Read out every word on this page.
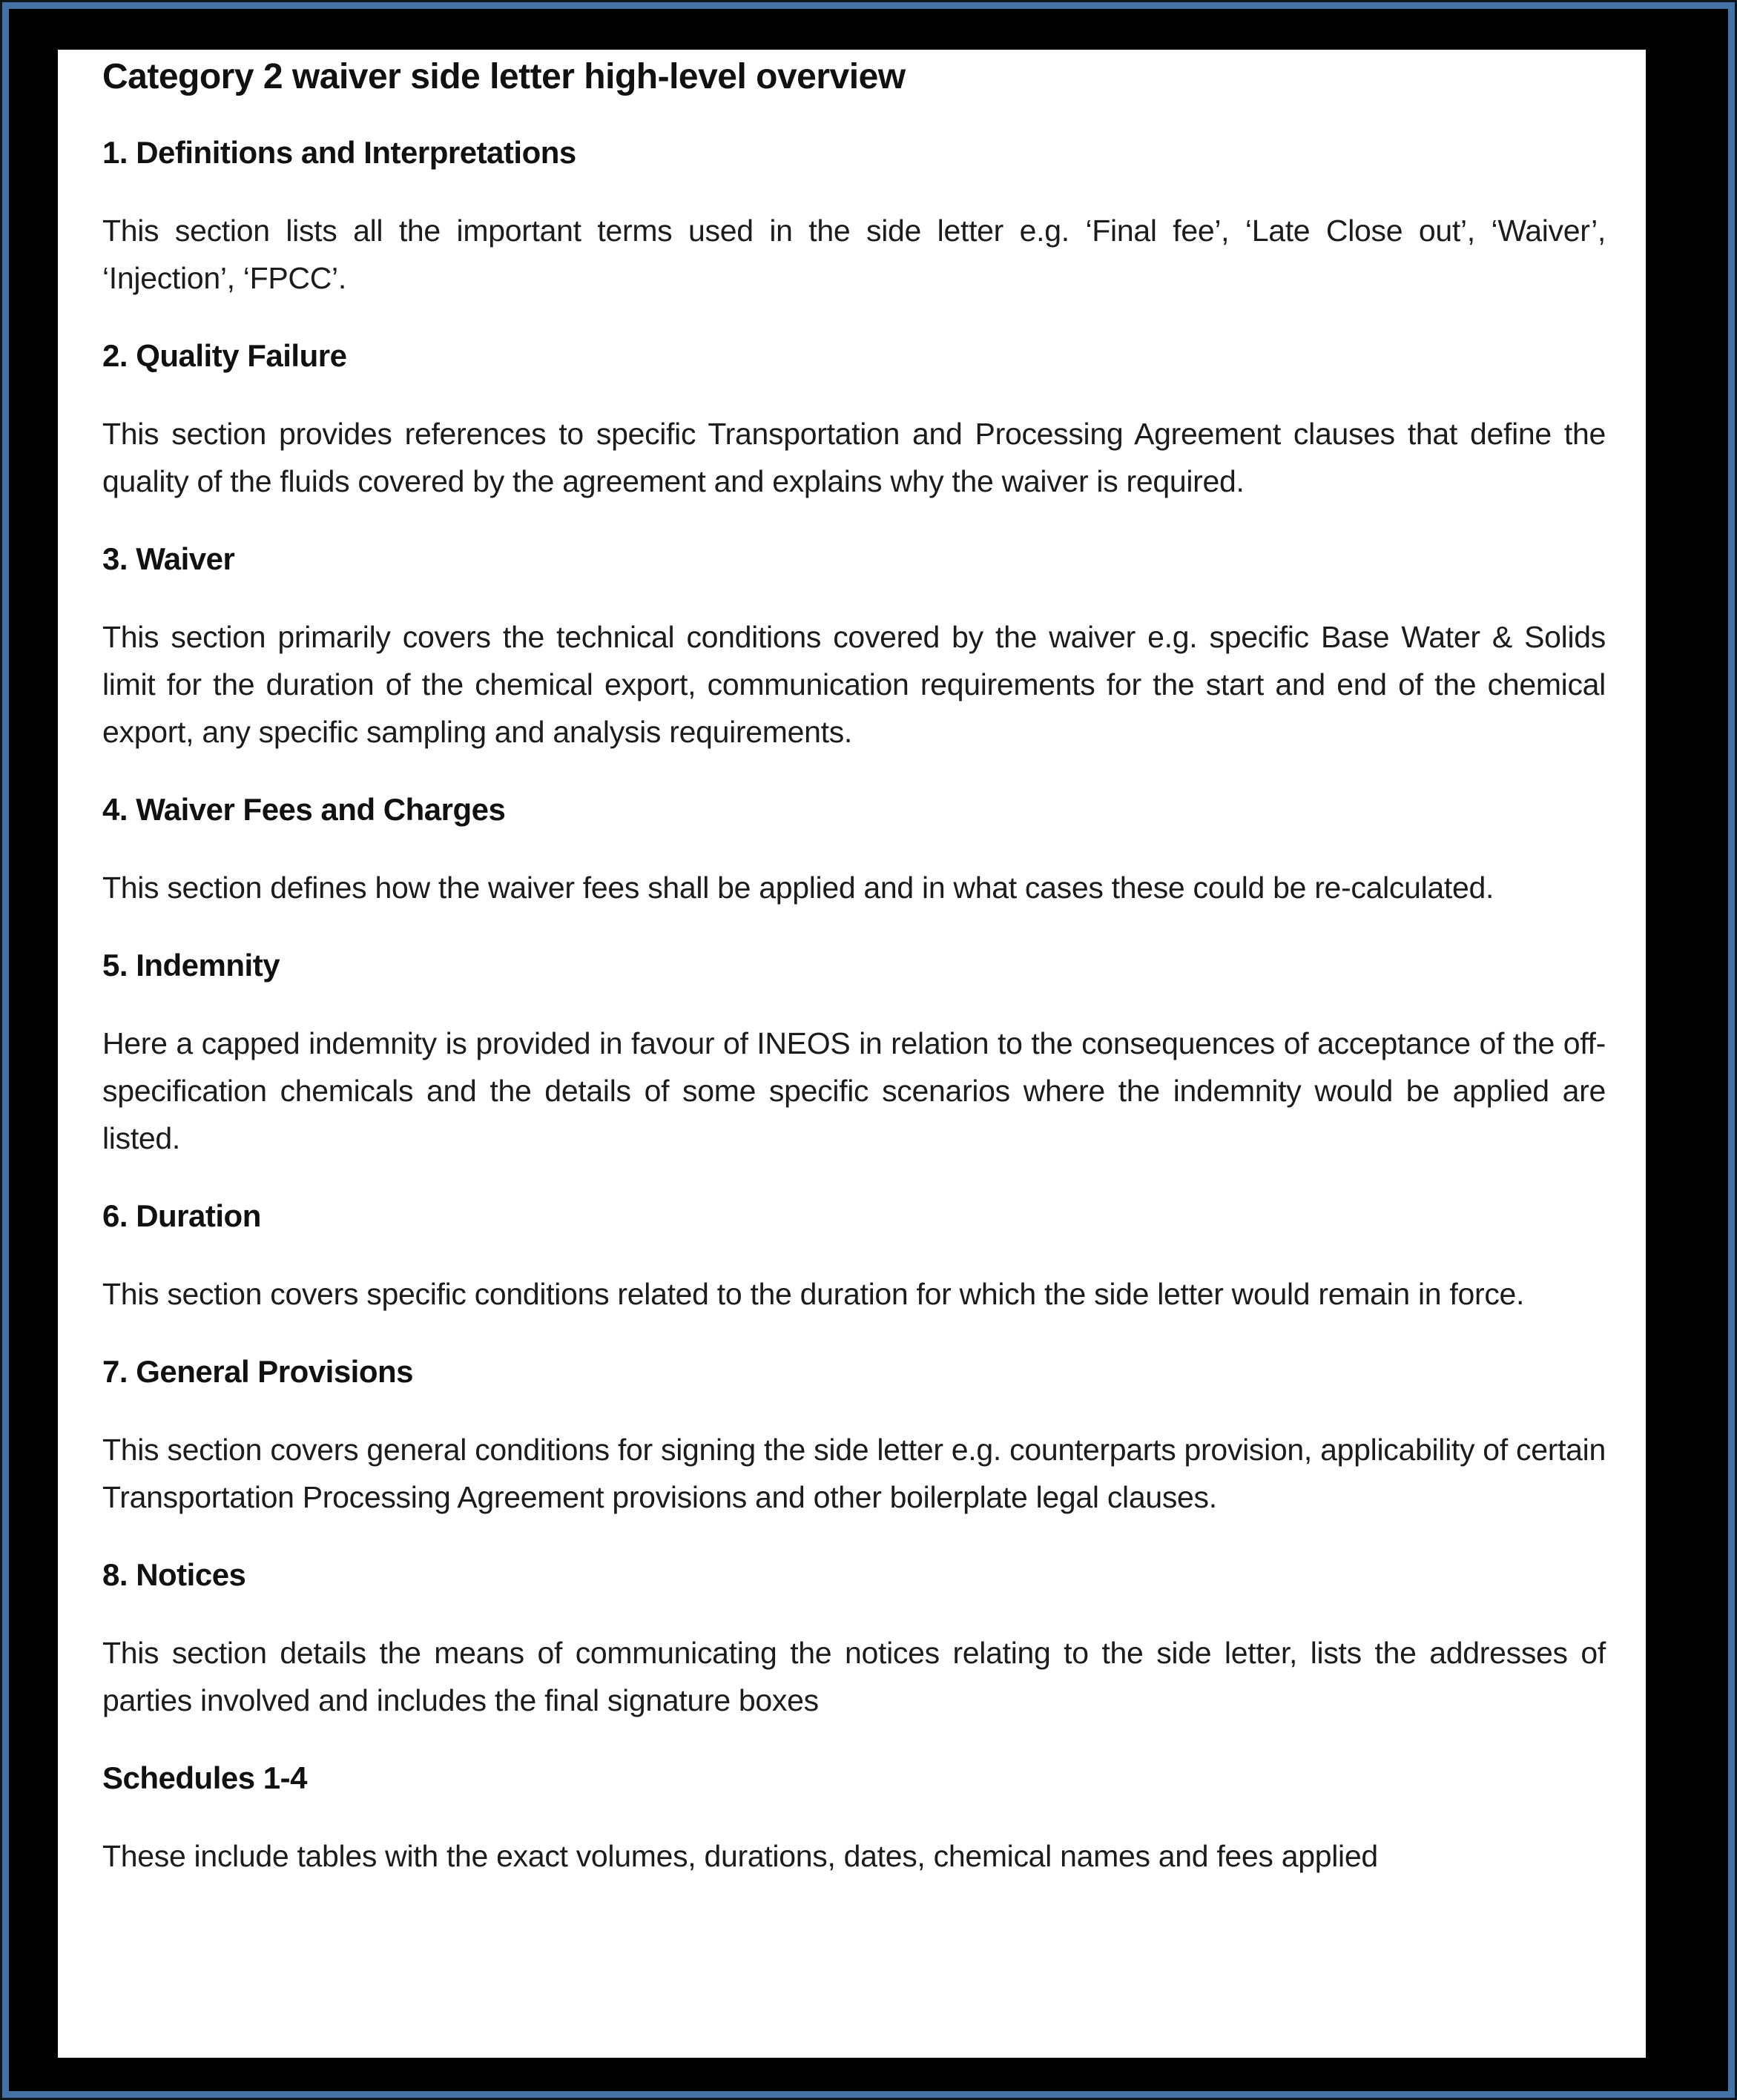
Category 2 waiver side letter high-level overview
1. Definitions and Interpretations

This section lists all the important terms used in the side letter e.g. ‘Final fee’, ‘Late Close out’, ‘Waiver’, ‘Injection’, ‘FPCC’.

2. Quality Failure

This section provides references to specific Transportation and Processing Agreement clauses that define the quality of the fluids covered by the agreement and explains why the waiver is required.

3. Waiver

This section primarily covers the technical conditions covered by the waiver e.g. specific Base Water & Solids limit for the duration of the chemical export, communication requirements for the start and end of the chemical export, any specific sampling and analysis requirements.

4. Waiver Fees and Charges

This section defines how the waiver fees shall be applied and in what cases these could be re-calculated.

5. Indemnity

Here a capped indemnity is provided in favour of INEOS in relation to the consequences of acceptance of the off-specification chemicals and the details of some specific scenarios where the indemnity would be applied are listed.

6. Duration

This section covers specific conditions related to the duration for which the side letter would remain in force.

7. General Provisions

This section covers general conditions for signing the side letter e.g. counterparts provision, applicability of certain Transportation Processing Agreement provisions and other boilerplate legal clauses.

8. Notices

This section details the means of communicating the notices relating to the side letter, lists the addresses of parties involved and includes the final signature boxes

Schedules 1-4

These include tables with the exact volumes, durations, dates, chemical names and fees applied
